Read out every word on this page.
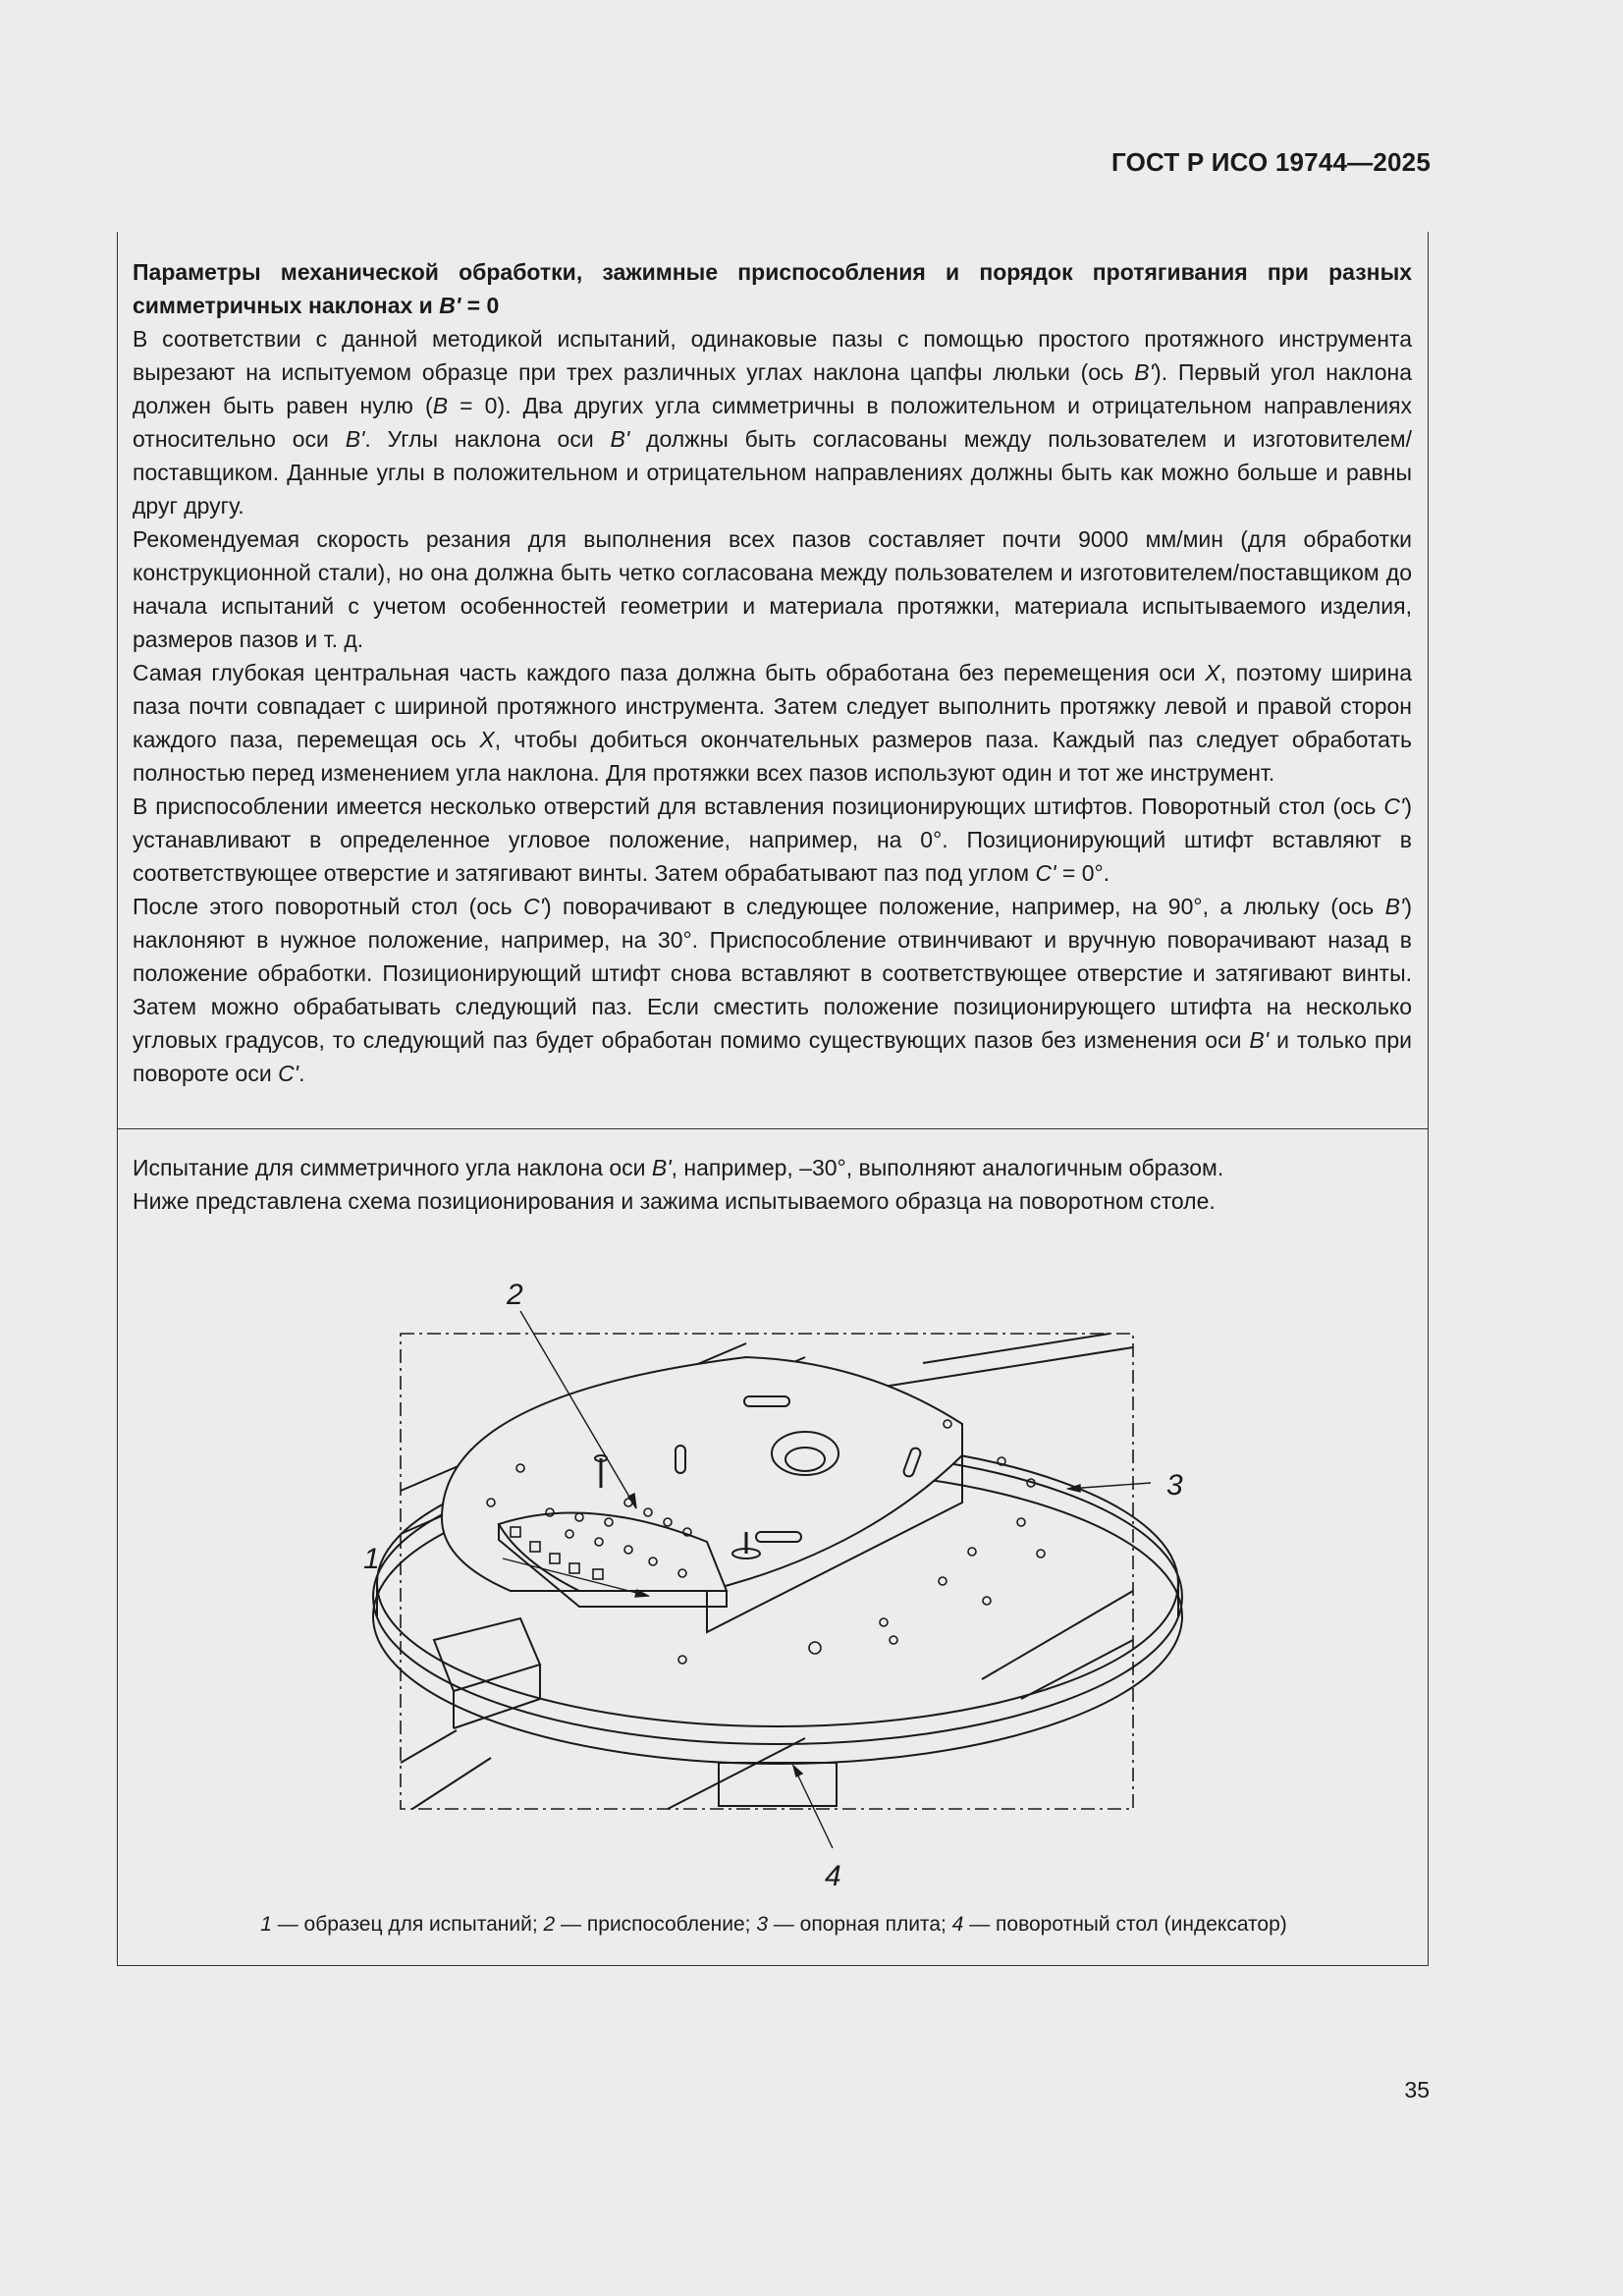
ГОСТ Р ИСО 19744—2025

Параметры механической обработки, зажимные приспособления и порядок протягивания при разных симметричных наклонах и B' = 0

В соответствии с данной методикой испытаний, одинаковые пазы с помощью простого протяжного инструмента вырезают на испытуемом образце при трех различных углах наклона цапфы люльки (ось B'). Первый угол наклона должен быть равен нулю (B = 0). Два других угла симметричны в положительном и отрицательном направлениях относительно оси B'. Углы наклона оси B' должны быть согласованы между пользователем и изготовителем/поставщиком. Данные углы в положительном и отрицательном направлениях должны быть как можно больше и равны друг другу.

Рекомендуемая скорость резания для выполнения всех пазов составляет почти 9000 мм/мин (для обработки конструкционной стали), но она должна быть четко согласована между пользователем и изготовителем/поставщиком до начала испытаний с учетом особенностей геометрии и материала протяжки, материала испытываемого изделия, размеров пазов и т. д.

Самая глубокая центральная часть каждого паза должна быть обработана без перемещения оси X, поэтому ширина паза почти совпадает с шириной протяжного инструмента. Затем следует выполнить протяжку левой и правой сторон каждого паза, перемещая ось X, чтобы добиться окончательных размеров паза. Каждый паз следует обработать полностью перед изменением угла наклона. Для протяжки всех пазов используют один и тот же инструмент.

В приспособлении имеется несколько отверстий для вставления позиционирующих штифтов. Поворотный стол (ось C') устанавливают в определенное угловое положение, например, на 0°. Позиционирующий штифт вставляют в соответствующее отверстие и затягивают винты. Затем обрабатывают паз под углом C' = 0°.

После этого поворотный стол (ось C') поворачивают в следующее положение, например, на 90°, а люльку (ось B') наклоняют в нужное положение, например, на 30°. Приспособление отвинчивают и вручную поворачивают назад в положение обработки. Позиционирующий штифт снова вставляют в соответствующее отверстие и затягивают винты. Затем можно обрабатывать следующий паз. Если сместить положение позиционирующего штифта на несколько угловых градусов, то следующий паз будет обработан помимо существующих пазов без изменения оси B' и только при повороте оси C'.

Испытание для симметричного угла наклона оси B', например, –30°, выполняют аналогичным образом.

Ниже представлена схема позиционирования и зажима испытываемого образца на поворотном столе.

2
1
3
4
1 — образец для испытаний; 2 — приспособление; 3 — опорная плита; 4 — поворотный стол (индексатор)
35
